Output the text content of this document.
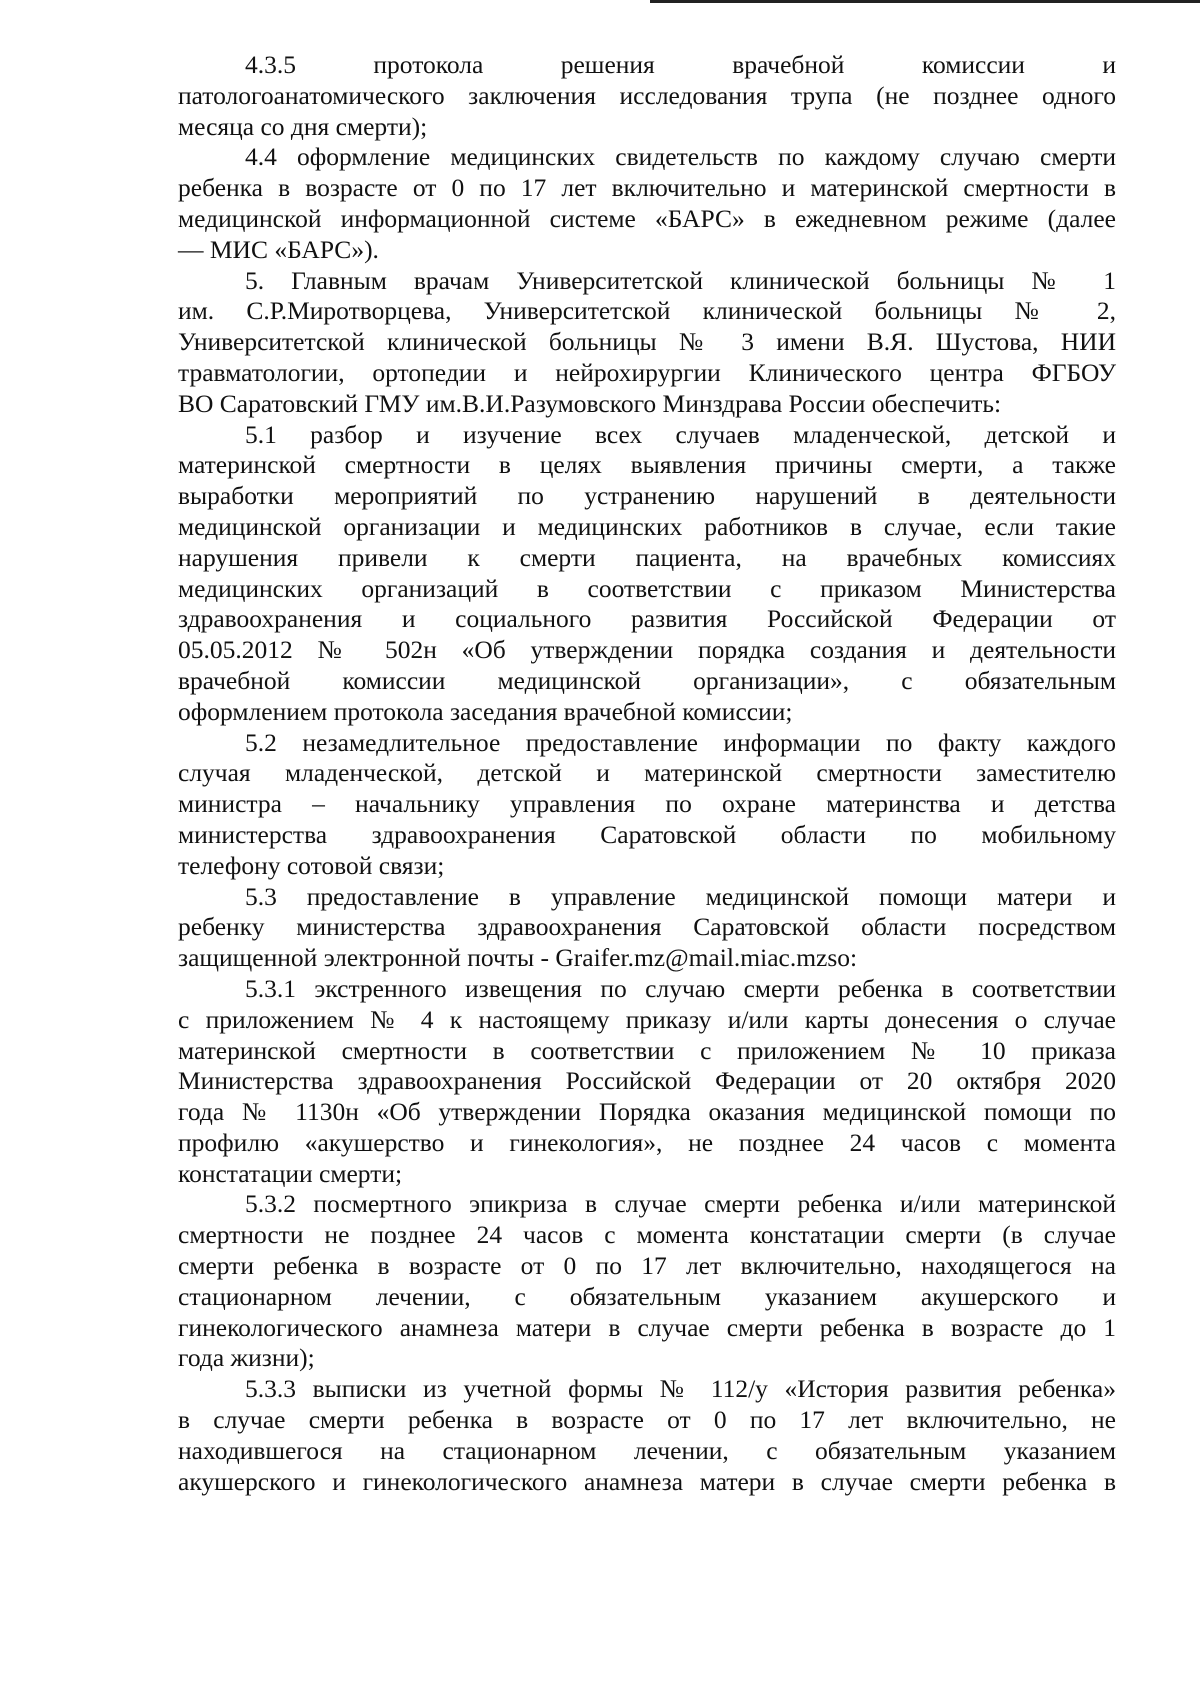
4.3.5 протокола решения врачебной комиссии и
патологоанатомического заключения исследования трупа (не позднее одного
месяца со дня смерти);
4.4 оформление медицинских свидетельств по каждому случаю смерти
ребенка в возрасте от 0 по 17 лет включительно и материнской смертности в
медицинской информационной системе «БАРС» в ежедневном режиме (далее
— МИС «БАРС»).
5. Главным врачам Университетской клинической больницы № 1
им. С.Р.Миротворцева, Университетской клинической больницы № 2,
Университетской клинической больницы № 3 имени В.Я. Шустова, НИИ
травматологии, ортопедии и нейрохирургии Клинического центра ФГБОУ
ВО Саратовский ГМУ им.В.И.Разумовского Минздрава России обеспечить:
5.1 разбор и изучение всех случаев младенческой, детской и
материнской смертности в целях выявления причины смерти, а также
выработки мероприятий по устранению нарушений в деятельности
медицинской организации и медицинских работников в случае, если такие
нарушения привели к смерти пациента, на врачебных комиссиях
медицинских организаций в соответствии с приказом Министерства
здравоохранения и социального развития Российской Федерации от
05.05.2012 № 502н «Об утверждении порядка создания и деятельности
врачебной комиссии медицинской организации», с обязательным
оформлением протокола заседания врачебной комиссии;
5.2 незамедлительное предоставление информации по факту каждого
случая младенческой, детской и материнской смертности заместителю
министра – начальнику управления по охране материнства и детства
министерства здравоохранения Саратовской области по мобильному
телефону сотовой связи;
5.3 предоставление в управление медицинской помощи матери и
ребенку министерства здравоохранения Саратовской области посредством
защищенной электронной почты - Graifer.mz@mail.miac.mzso:
5.3.1 экстренного извещения по случаю смерти ребенка в соответствии
с приложением № 4 к настоящему приказу и/или карты донесения о случае
материнской смертности в соответствии с приложением № 10 приказа
Министерства здравоохранения Российской Федерации от 20 октября 2020
года № 1130н «Об утверждении Порядка оказания медицинской помощи по
профилю «акушерство и гинекология», не позднее 24 часов с момента
констатации смерти;
5.3.2 посмертного эпикриза в случае смерти ребенка и/или материнской
смертности не позднее 24 часов с момента констатации смерти (в случае
смерти ребенка в возрасте от 0 по 17 лет включительно, находящегося на
стационарном лечении, с обязательным указанием акушерского и
гинекологического анамнеза матери в случае смерти ребенка в возрасте до 1
года жизни);
5.3.3 выписки из учетной формы № 112/у «История развития ребенка»
в случае смерти ребенка в возрасте от 0 по 17 лет включительно, не
находившегося на стационарном лечении, с обязательным указанием
акушерского и гинекологического анамнеза матери в случае смерти ребенка в
